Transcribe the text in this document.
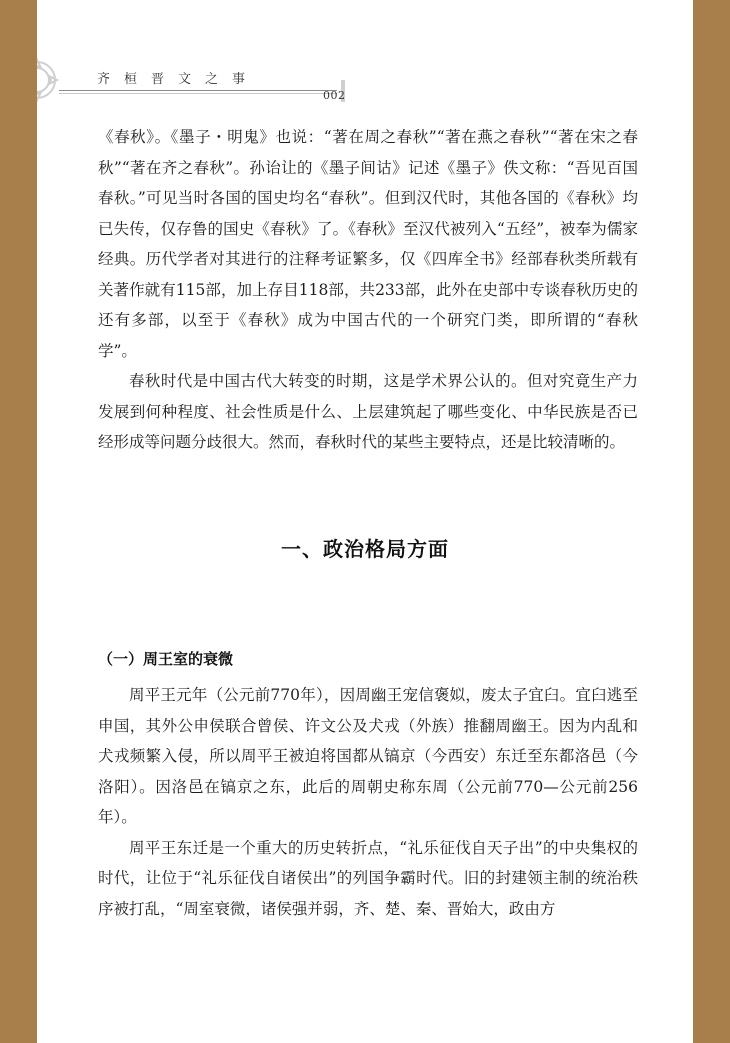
齐桓晋文之事
002

《春秋》。《墨子・明鬼》也说：“著在周之春秋”“著在燕之春秋”“著在宋之春秋”“著在齐之春秋”。孙诒让的《墨子间诂》记述《墨子》佚文称：“吾见百国春秋。”可见当时各国的国史均名“春秋”。但到汉代时，其他各国的《春秋》均已失传，仅存鲁的国史《春秋》了。《春秋》至汉代被列入“五经”，被奉为儒家经典。历代学者对其进行的注释考证繁多，仅《四库全书》经部春秋类所载有关著作就有115部，加上存目118部，共233部，此外在史部中专谈春秋历史的还有多部，以至于《春秋》成为中国古代的一个研究门类，即所谓的“春秋学”。

春秋时代是中国古代大转变的时期，这是学术界公认的。但对究竟生产力发展到何种程度、社会性质是什么、上层建筑起了哪些变化、中华民族是否已经形成等问题分歧很大。然而，春秋时代的某些主要特点，还是比较清晰的。

一、政治格局方面
（一）周王室的衰微

周平王元年（公元前770年），因周幽王宠信褒姒，废太子宜臼。宜臼逃至申国，其外公申侯联合曾侯、许文公及犬戎（外族）推翻周幽王。因为内乱和犬戎频繁入侵，所以周平王被迫将国都从镐京（今西安）东迁至东都洛邑（今洛阳）。因洛邑在镐京之东，此后的周朝史称东周（公元前770—公元前256年）。

周平王东迁是一个重大的历史转折点，“礼乐征伐自天子出”的中央集权的时代，让位于“礼乐征伐自诸侯出”的列国争霸时代。旧的封建领主制的统治秩序被打乱，“周室衰微，诸侯强并弱，齐、楚、秦、晋始大，政由方
